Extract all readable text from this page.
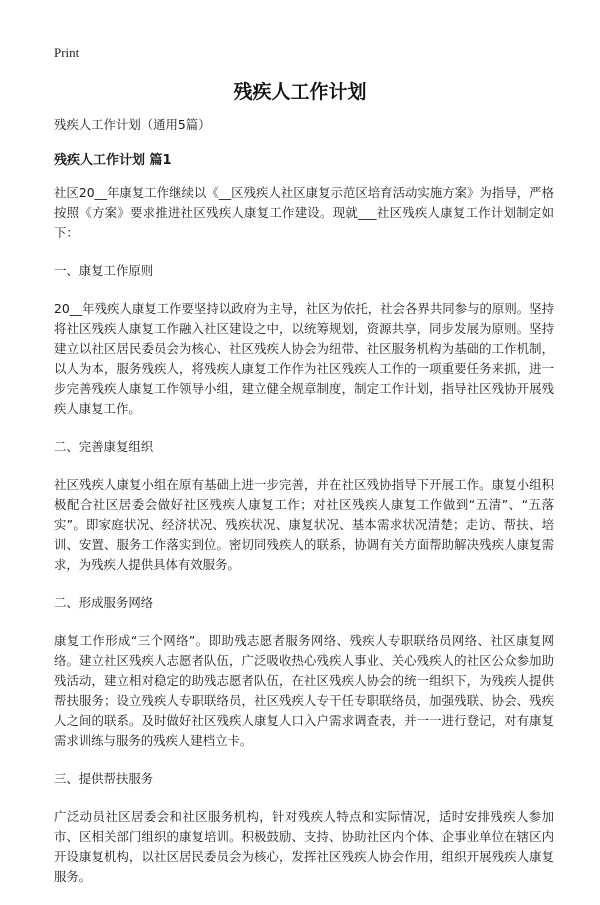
Print
残疾人工作计划

残疾人工作计划（通用5篇）

残疾人工作计划 篇1

社区20__年康复工作继续以《__区残疾人社区康复示范区培育活动实施方案》为指导，严格按照《方案》要求推进社区残疾人康复工作建设。现就___社区残疾人康复工作计划制定如下：

一、康复工作原则

20__年残疾人康复工作要坚持以政府为主导，社区为依托，社会各界共同参与的原则。坚持将社区残疾人康复工作融入社区建设之中，以统筹规划，资源共享，同步发展为原则。坚持建立以社区居民委员会为核心、社区残疾人协会为纽带、社区服务机构为基础的工作机制，以人为本，服务残疾人，将残疾人康复工作作为社区残疾人工作的一项重要任务来抓，进一步完善残疾人康复工作领导小组，建立健全规章制度，制定工作计划，指导社区残协开展残疾人康复工作。

二、完善康复组织

社区残疾人康复小组在原有基础上进一步完善，并在社区残协指导下开展工作。康复小组积极配合社区居委会做好社区残疾人康复工作；对社区残疾人康复工作做到“五清”、“五落实”。即家庭状况、经济状况、残疾状况、康复状况、基本需求状况清楚；走访、帮扶、培训、安置、服务工作落实到位。密切同残疾人的联系，协调有关方面帮助解决残疾人康复需求，为残疾人提供具体有效服务。

二、形成服务网络

康复工作形成“三个网络”。即助残志愿者服务网络、残疾人专职联络员网络、社区康复网络。建立社区残疾人志愿者队伍，广泛吸收热心残疾人事业、关心残疾人的社区公众参加助残活动，建立相对稳定的助残志愿者队伍，在社区残疾人协会的统一组织下，为残疾人提供帮扶服务；设立残疾人专职联络员，社区残疾人专干任专职联络员，加强残联、协会、残疾人之间的联系。及时做好社区残疾人康复人口入户需求调查表，并一一进行登记，对有康复需求训练与服务的残疾人建档立卡。

三、提供帮扶服务

广泛动员社区居委会和社区服务机构，针对残疾人特点和实际情况，适时安排残疾人参加市、区相关部门组织的康复培训。积极鼓励、支持、协助社区内个体、企事业单位在辖区内开设康复机构，以社区居民委员会为核心，发挥社区残疾人协会作用，组织开展残疾人康复服务。
